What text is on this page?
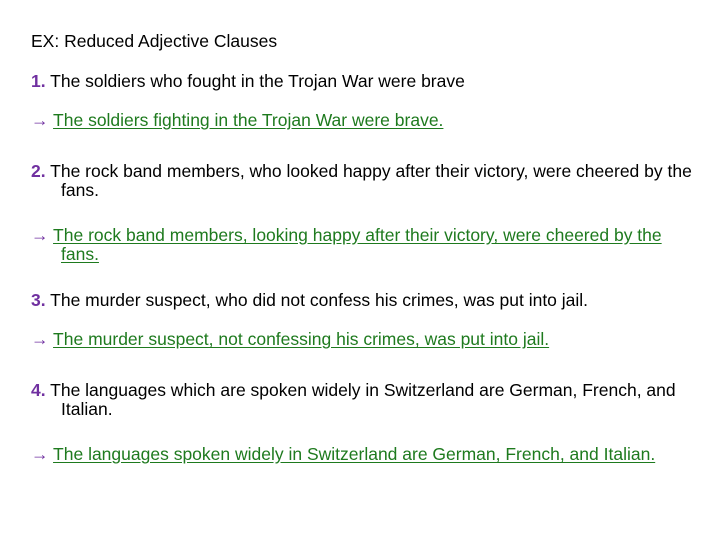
EX: Reduced Adjective Clauses

1. The soldiers who fought in the Trojan War were brave

→ The soldiers fighting in the Trojan War were brave.

2. The rock band members, who looked happy after their victory, were cheered by the fans.

→ The rock band members, looking happy after their victory, were cheered by the fans.

3. The murder suspect, who did not confess his crimes, was put into jail.

→ The murder suspect, not confessing his crimes, was put into jail.

4. The languages which are spoken widely in Switzerland are German, French, and Italian.

→ The languages spoken widely in Switzerland are German, French, and Italian.
